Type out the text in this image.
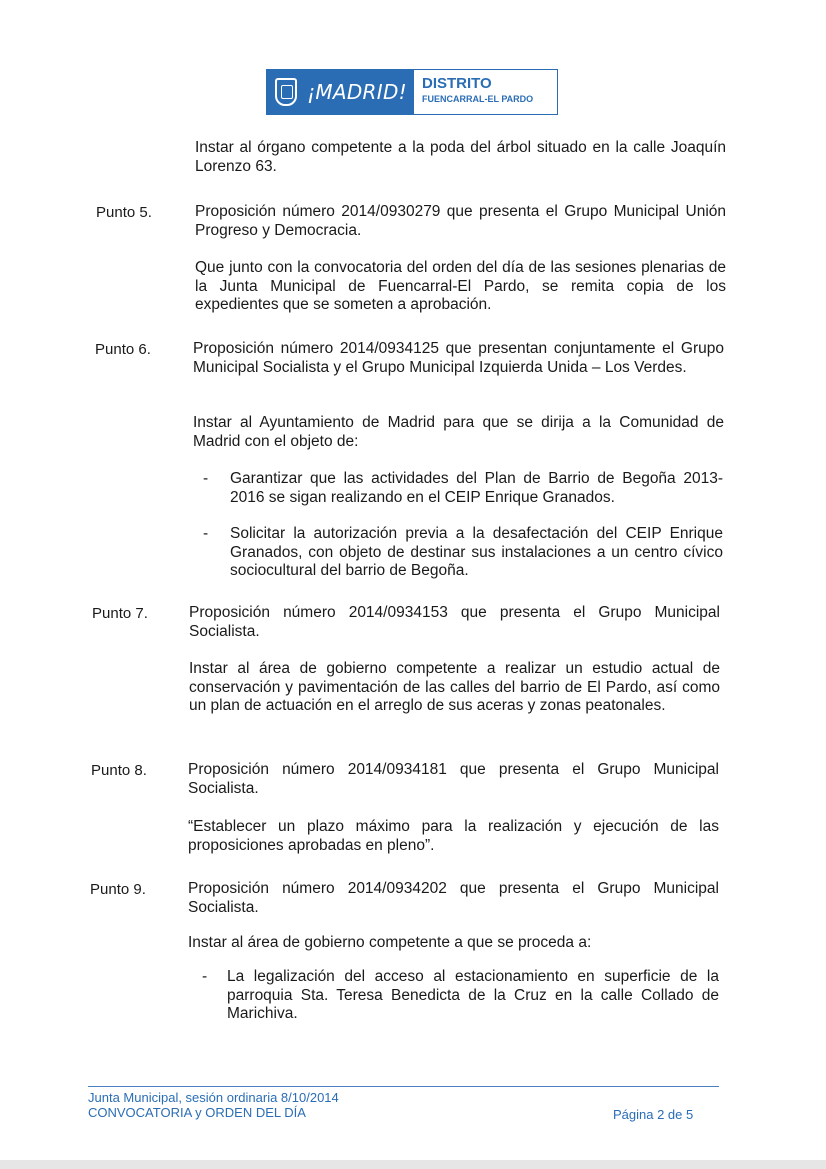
¡MADRID! DISTRITO
FUENCARRAL-EL PARDO
Instar al órgano competente a la poda del árbol situado en la calle Joaquín Lorenzo 63.
Punto 5.	Proposición número 2014/0930279 que presenta el Grupo Municipal Unión Progreso y Democracia.
Que junto con la convocatoria del orden del día de las sesiones plenarias de la Junta Municipal de Fuencarral-El Pardo, se remita copia de los expedientes que se someten a aprobación.
Punto 6.	Proposición número 2014/0934125 que presentan conjuntamente el Grupo Municipal Socialista y el Grupo Municipal Izquierda Unida – Los Verdes.
Instar al Ayuntamiento de Madrid para que se dirija a la Comunidad de Madrid con el objeto de:
- Garantizar que las actividades del Plan de Barrio de Begoña 2013-2016 se sigan realizando en el CEIP Enrique Granados.
- Solicitar la autorización previa a la desafectación del CEIP Enrique Granados, con objeto de destinar sus instalaciones a un centro cívico sociocultural del barrio de Begoña.
Punto 7.	Proposición número 2014/0934153 que presenta el Grupo Municipal Socialista.
Instar al área de gobierno competente a realizar un estudio actual de conservación y pavimentación de las calles del barrio de El Pardo, así como un plan de actuación en el arreglo de sus aceras y zonas peatonales.
Punto 8.	Proposición número 2014/0934181 que presenta el Grupo Municipal Socialista.
“Establecer un plazo máximo para la realización y ejecución de las proposiciones aprobadas en pleno”.
Punto 9.	Proposición número 2014/0934202 que presenta el Grupo Municipal Socialista.
Instar al área de gobierno competente a que se proceda a:
- La legalización del acceso al estacionamiento en superficie de la parroquia Sta. Teresa Benedicta de la Cruz en la calle Collado de Marichiva.
Junta Municipal, sesión ordinaria 8/10/2014
CONVOCATORIA y ORDEN DEL DÍA	Página 2 de 5
